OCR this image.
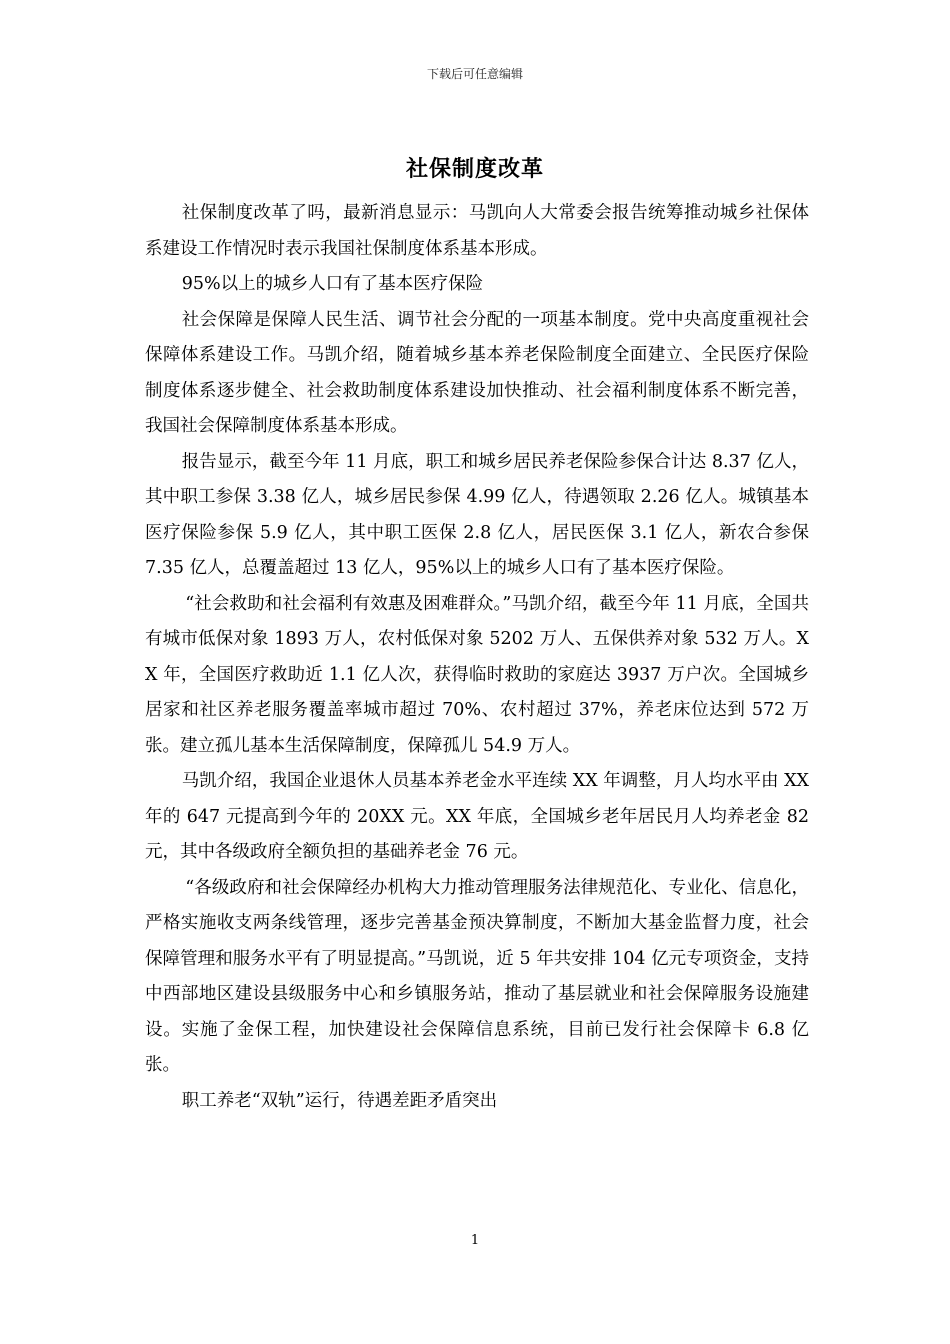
下载后可任意编辑
社保制度改革

社保制度改革了吗，最新消息显示：马凯向人大常委会报告统筹推动城乡社保体系建设工作情况时表示我国社保制度体系基本形成。

95%以上的城乡人口有了基本医疗保险

社会保障是保障人民生活、调节社会分配的一项基本制度。党中央高度重视社会保障体系建设工作。马凯介绍，随着城乡基本养老保险制度全面建立、全民医疗保险制度体系逐步健全、社会救助制度体系建设加快推动、社会福利制度体系不断完善，我国社会保障制度体系基本形成。

报告显示，截至今年 11 月底，职工和城乡居民养老保险参保合计达 8.37 亿人，其中职工参保 3.38 亿人，城乡居民参保 4.99 亿人，待遇领取 2.26 亿人。城镇基本医疗保险参保 5.9 亿人，其中职工医保 2.8 亿人，居民医保 3.1 亿人，新农合参保 7.35 亿人，总覆盖超过 13 亿人，95%以上的城乡人口有了基本医疗保险。

“社会救助和社会福利有效惠及困难群众。”马凯介绍，截至今年 11 月底，全国共有城市低保对象 1893 万人，农村低保对象 5202 万人、五保供养对象 532 万人。XX 年，全国医疗救助近 1.1 亿人次，获得临时救助的家庭达 3937 万户次。全国城乡居家和社区养老服务覆盖率城市超过 70%、农村超过 37%，养老床位达到 572 万张。建立孤儿基本生活保障制度，保障孤儿 54.9 万人。

马凯介绍，我国企业退休人员基本养老金水平连续 XX 年调整，月人均水平由 XX 年的 647 元提高到今年的 20XX 元。XX 年底，全国城乡老年居民月人均养老金 82 元，其中各级政府全额负担的基础养老金 76 元。

“各级政府和社会保障经办机构大力推动管理服务法律规范化、专业化、信息化，严格实施收支两条线管理，逐步完善基金预决算制度，不断加大基金监督力度，社会保障管理和服务水平有了明显提高。”马凯说，近 5 年共安排 104 亿元专项资金，支持中西部地区建设县级服务中心和乡镇服务站，推动了基层就业和社会保障服务设施建设。实施了金保工程，加快建设社会保障信息系统，目前已发行社会保障卡 6.8 亿张。

职工养老“双轨”运行，待遇差距矛盾突出

1
